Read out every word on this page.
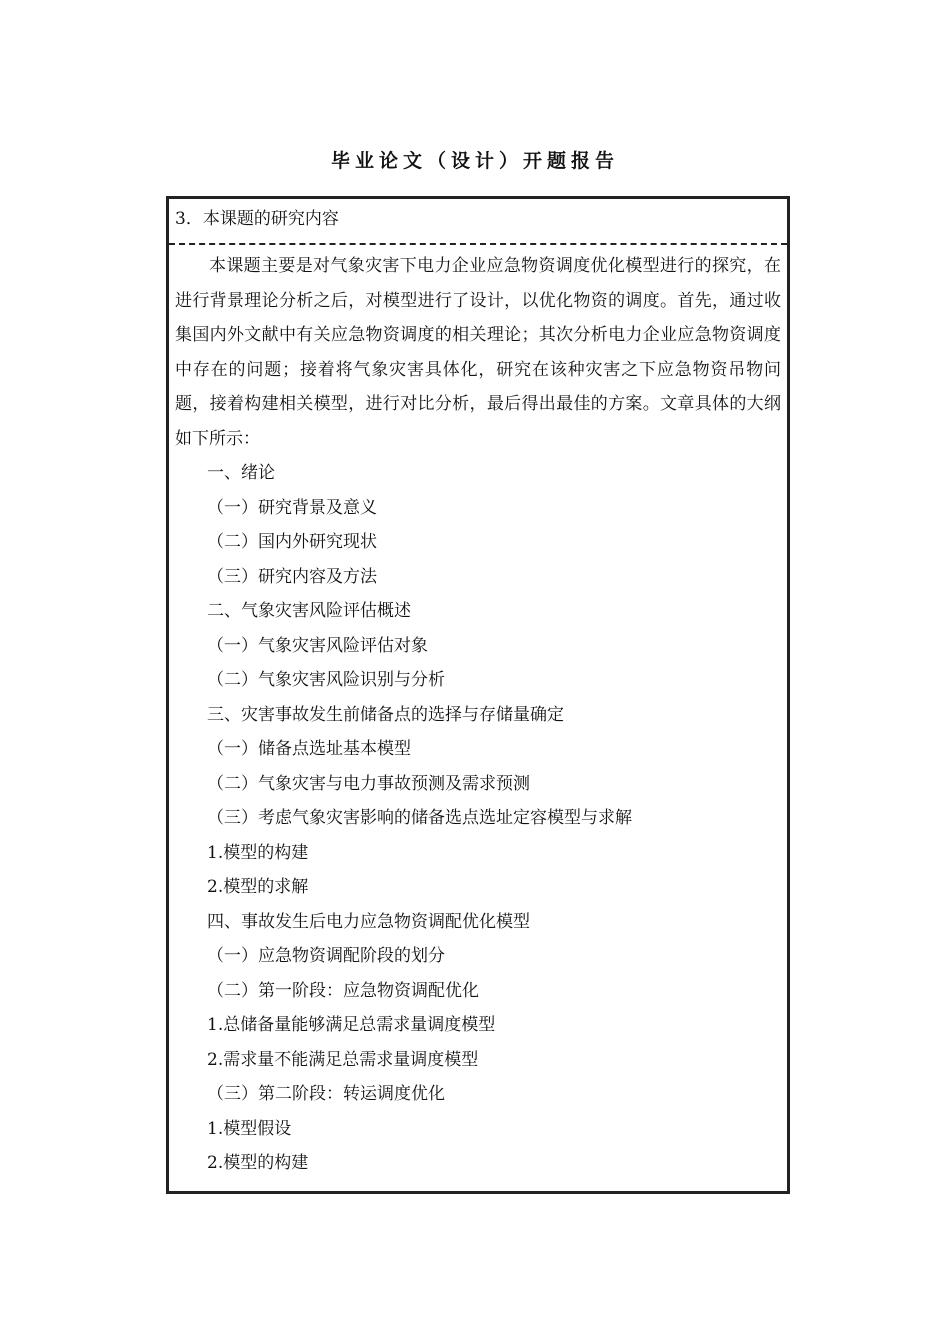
毕业论文（设计）开题报告
3．本课题的研究内容

本课题主要是对气象灾害下电力企业应急物资调度优化模型进行的探究，在进行背景理论分析之后，对模型进行了设计，以优化物资的调度。首先，通过收集国内外文献中有关应急物资调度的相关理论；其次分析电力企业应急物资调度中存在的问题；接着将气象灾害具体化，研究在该种灾害之下应急物资吊物问题，接着构建相关模型，进行对比分析，最后得出最佳的方案。文章具体的大纲如下所示：

一、绪论
（一）研究背景及意义
（二）国内外研究现状
（三）研究内容及方法
二、气象灾害风险评估概述
（一）气象灾害风险评估对象
（二）气象灾害风险识别与分析
三、灾害事故发生前储备点的选择与存储量确定
（一）储备点选址基本模型
（二）气象灾害与电力事故预测及需求预测
（三）考虑气象灾害影响的储备选点选址定容模型与求解
1.模型的构建
2.模型的求解
四、事故发生后电力应急物资调配优化模型
（一）应急物资调配阶段的划分
（二）第一阶段：应急物资调配优化
1.总储备量能够满足总需求量调度模型
2.需求量不能满足总需求量调度模型
（三）第二阶段：转运调度优化
1.模型假设
2.模型的构建
